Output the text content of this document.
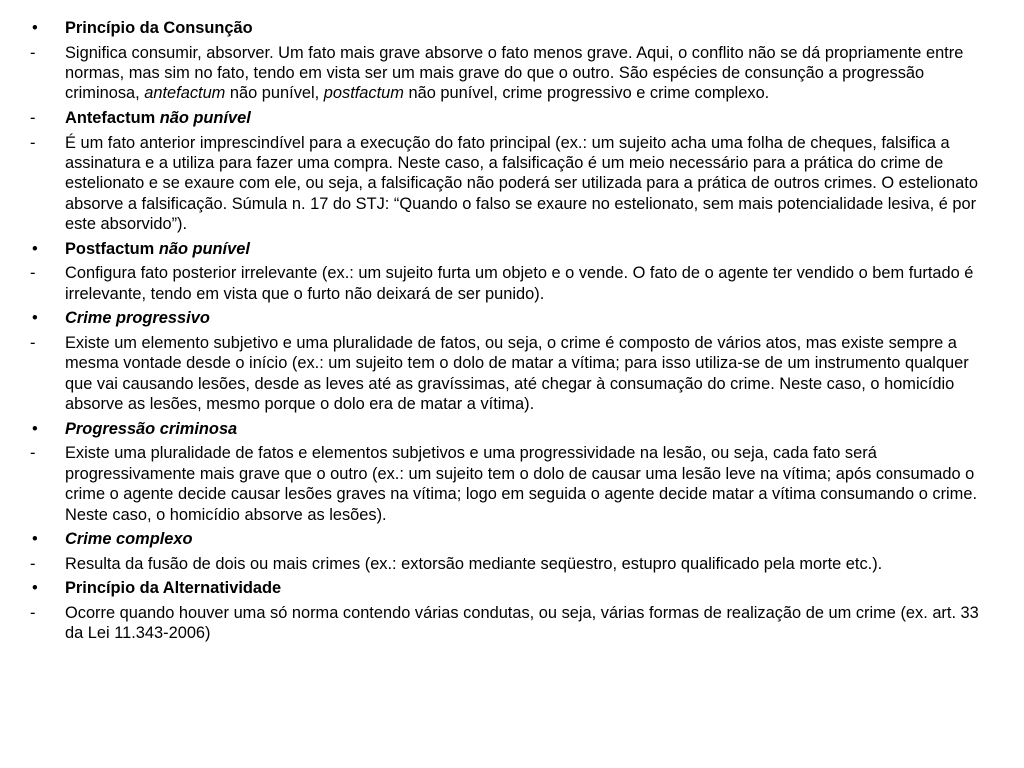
•	Princípio da Consunção
-	Significa consumir, absorver. Um fato mais grave absorve o fato menos grave. Aqui, o conflito não se dá propriamente entre normas, mas sim no fato, tendo em vista ser um mais grave do que o outro. São espécies de consunção a progressão criminosa, antefactum não punível, postfactum não punível, crime progressivo e crime complexo.
-	Antefactum não punível
-	É um fato anterior imprescindível para a execução do fato principal (ex.: um sujeito acha uma folha de cheques, falsifica a assinatura e a utiliza para fazer uma compra. Neste caso, a falsificação é um meio necessário para a prática do crime de estelionato e se exaure com ele, ou seja, a falsificação não poderá ser utilizada para a prática de outros crimes. O estelionato absorve a falsificação. Súmula n. 17 do STJ: “Quando o falso se exaure no estelionato, sem mais potencialidade lesiva, é por este absorvido”).
•	Postfactum não punível
-	Configura fato posterior irrelevante (ex.: um sujeito furta um objeto e o vende. O fato de o agente ter vendido o bem furtado é irrelevante, tendo em vista que o furto não deixará de ser punido).
•	Crime progressivo
-	Existe um elemento subjetivo e uma pluralidade de fatos, ou seja, o crime é composto de vários atos, mas existe sempre a mesma vontade desde o início (ex.: um sujeito tem o dolo de matar a vítima; para isso utiliza-se de um instrumento qualquer que vai causando lesões, desde as leves até as gravíssimas, até chegar à consumação do crime. Neste caso, o homicídio absorve as lesões, mesmo porque o dolo era de matar a vítima).
•	Progressão criminosa
-	Existe uma pluralidade de fatos e elementos subjetivos e uma progressividade na lesão, ou seja, cada fato será progressivamente mais grave que o outro (ex.: um sujeito tem o dolo de causar uma lesão leve na vítima; após consumado o crime o agente decide causar lesões graves na vítima; logo em seguida o agente decide matar a vítima consumando o crime. Neste caso, o homicídio absorve as lesões).
•	Crime complexo
-	Resulta da fusão de dois ou mais crimes (ex.: extorsão mediante seqüestro, estupro qualificado pela morte etc.).
•	Princípio da Alternatividade
-	Ocorre quando houver uma só norma contendo várias condutas, ou seja, várias formas de realização de um crime (ex. art. 33 da Lei 11.343-2006)
